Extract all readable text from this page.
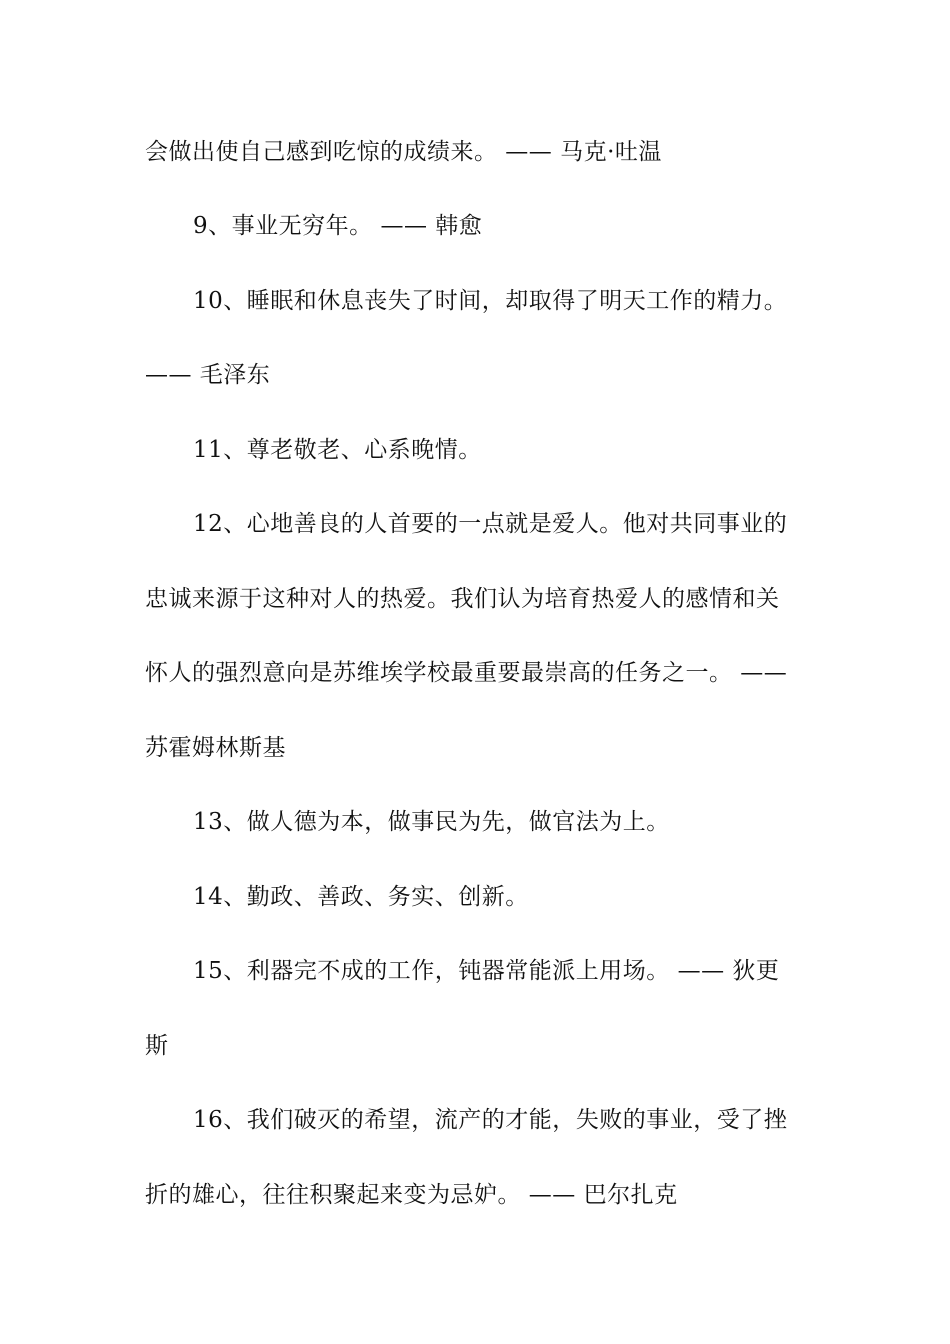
会做出使自己感到吃惊的成绩来。 —— 马克·吐温
9、事业无穷年。 —— 韩愈
10、睡眠和休息丧失了时间，却取得了明天工作的精力。
—— 毛泽东
11、尊老敬老、心系晚情。
12、心地善良的人首要的一点就是爱人。他对共同事业的
忠诚来源于这种对人的热爱。我们认为培育热爱人的感情和关
怀人的强烈意向是苏维埃学校最重要最崇高的任务之一。 ——
苏霍姆林斯基
13、做人德为本，做事民为先，做官法为上。
14、勤政、善政、务实、创新。
15、利器完不成的工作，钝器常能派上用场。 —— 狄更
斯
16、我们破灭的希望，流产的才能，失败的事业，受了挫
折的雄心，往往积聚起来变为忌妒。 —— 巴尔扎克
